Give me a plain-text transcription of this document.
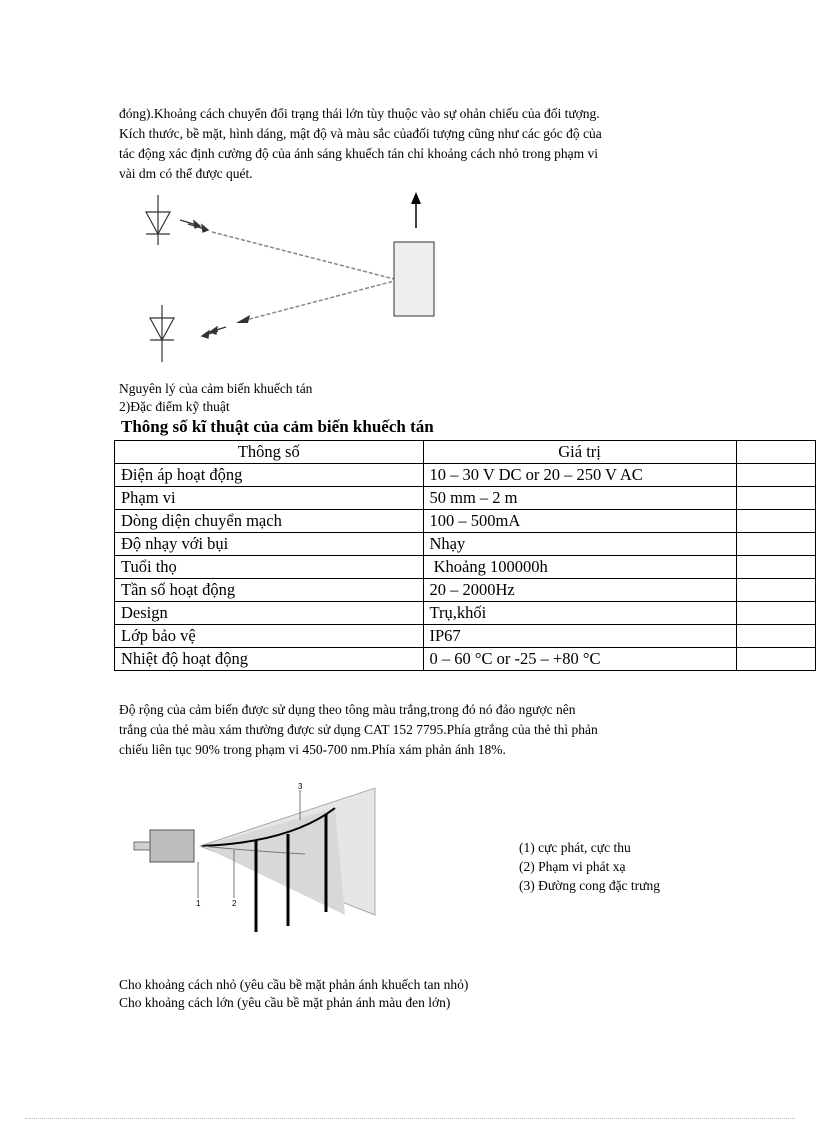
đóng).Khoảng cách chuyển đổi trạng thái lớn tùy thuộc vào sự ohản chiếu của đối tượng.
Kích thước, bề mặt, hình dáng, mật độ và màu sắc củađối tượng cũng như các góc độ của
tác động xác định cường độ của ánh sáng khuếch tán chỉ khoảng cách nhỏ trong phạm vi
vài dm có thể được quét.
Nguyên lý của cảm biến khuếch tán
2)Đặc điểm kỹ thuật
Thông số kĩ thuật của cảm biến khuếch tán
Thông số	Giá trị	
Điện áp hoạt động	10 – 30 V DC or 20 – 250 V AC	
Phạm vi	50 mm – 2 m	
Dòng diện chuyển mạch	100 – 500mA	
Độ nhạy với bụi	Nhạy	
Tuổi thọ	Khoảng 100000h	
Tần số hoạt động	20 – 2000Hz	
Design	Trụ,khối	
Lớp bảo vệ	IP67	
Nhiệt độ hoạt động	0 – 60 °C or -25 – +80 °C	
Độ rộng của cảm biến được sử dụng theo tông màu trắng,trong đó nó đảo ngược nên
trắng của thẻ màu xám thường được sử dụng CAT 152 7795.Phía gtrắng của thẻ thì phản
chiếu liên tục 90% trong phạm vi 450-700 nm.Phía xám phản ánh 18%.
1	2
3
(1) cực phát, cực thu
(2) Phạm vi phát xạ
(3) Đường cong đặc trưng
Cho khoảng cách nhỏ (yêu cầu bề mặt phản ánh khuếch tan nhỏ)
Cho khoảng cách lớn (yêu cầu bề mặt phản ánh màu đen lớn)
